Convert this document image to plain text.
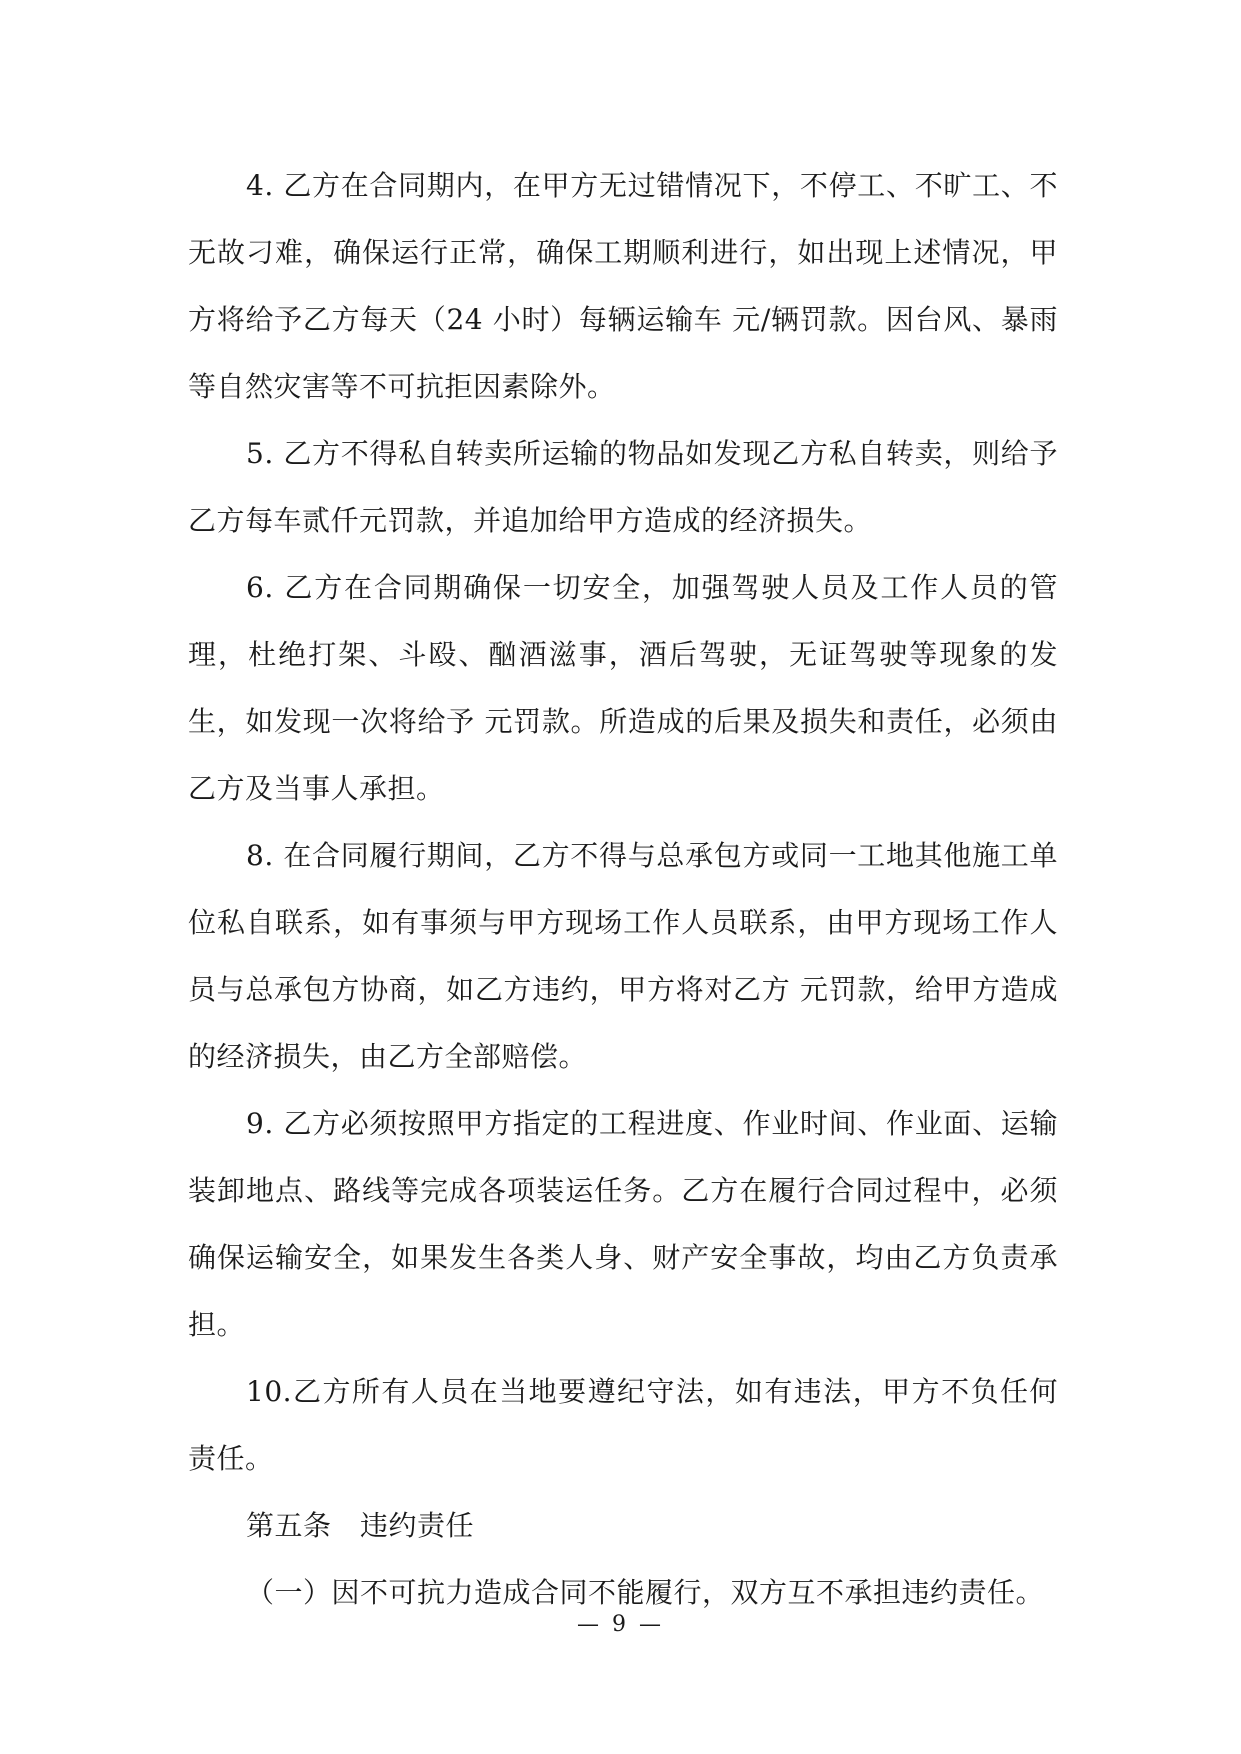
4. 乙方在合同期内，在甲方无过错情况下，不停工、不旷工、不无故刁难，确保运行正常，确保工期顺利进行，如出现上述情况，甲方将给予乙方每天（24 小时）每辆运输车 元/辆罚款。因台风、暴雨等自然灾害等不可抗拒因素除外。

5. 乙方不得私自转卖所运输的物品如发现乙方私自转卖，则给予乙方每车贰仟元罚款，并追加给甲方造成的经济损失。

6. 乙方在合同期确保一切安全，加强驾驶人员及工作人员的管理，杜绝打架、斗殴、酗酒滋事，酒后驾驶，无证驾驶等现象的发生，如发现一次将给予 元罚款。所造成的后果及损失和责任，必须由乙方及当事人承担。

8. 在合同履行期间，乙方不得与总承包方或同一工地其他施工单位私自联系，如有事须与甲方现场工作人员联系，由甲方现场工作人员与总承包方协商，如乙方违约，甲方将对乙方 元罚款，给甲方造成的经济损失，由乙方全部赔偿。

9. 乙方必须按照甲方指定的工程进度、作业时间、作业面、运输装卸地点、路线等完成各项装运任务。乙方在履行合同过程中，必须确保运输安全，如果发生各类人身、财产安全事故，均由乙方负责承担。

10.乙方所有人员在当地要遵纪守法，如有违法，甲方不负任何责任。

第五条　违约责任

（一）因不可抗力造成合同不能履行，双方互不承担违约责任。

— 9 —
